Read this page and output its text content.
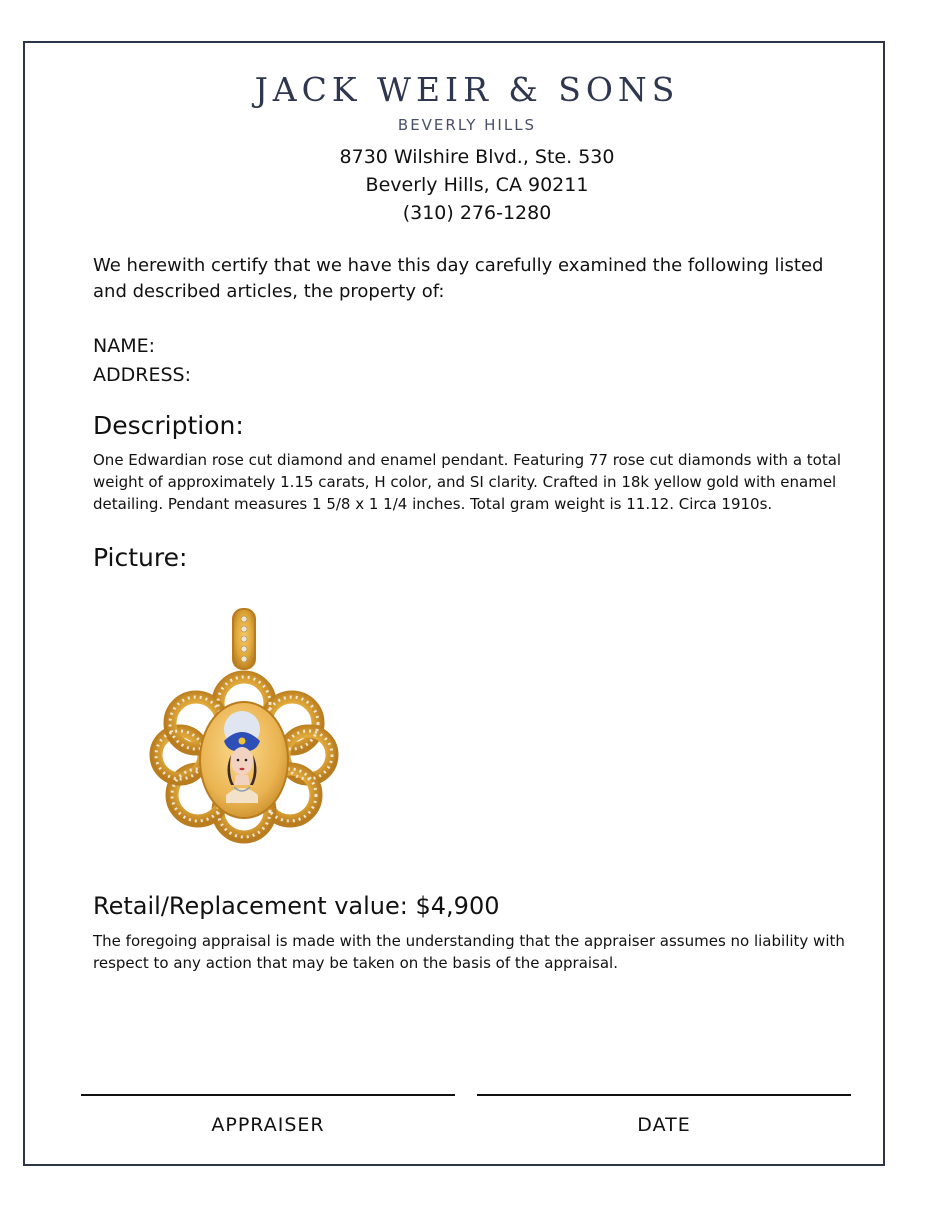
JACK WEIR & SONS
BEVERLY HILLS
8730 Wilshire Blvd., Ste. 530
Beverly Hills, CA 90211
(310) 276-1280
We herewith certify that we have this day carefully examined the following listed and described articles, the property of:
NAME:
ADDRESS:
Description:
One Edwardian rose cut diamond and enamel pendant. Featuring 77 rose cut diamonds with a total weight of approximately 1.15 carats, H color, and SI clarity. Crafted in 18k yellow gold with enamel detailing. Pendant measures 1 5/8 x 1 1/4 inches. Total gram weight is 11.12. Circa 1910s.
Picture:
Retail/Replacement value: $4,900
The foregoing appraisal is made with the understanding that the appraiser assumes no liability with respect to any action that may be taken on the basis of the appraisal.
APPRAISER	DATE
